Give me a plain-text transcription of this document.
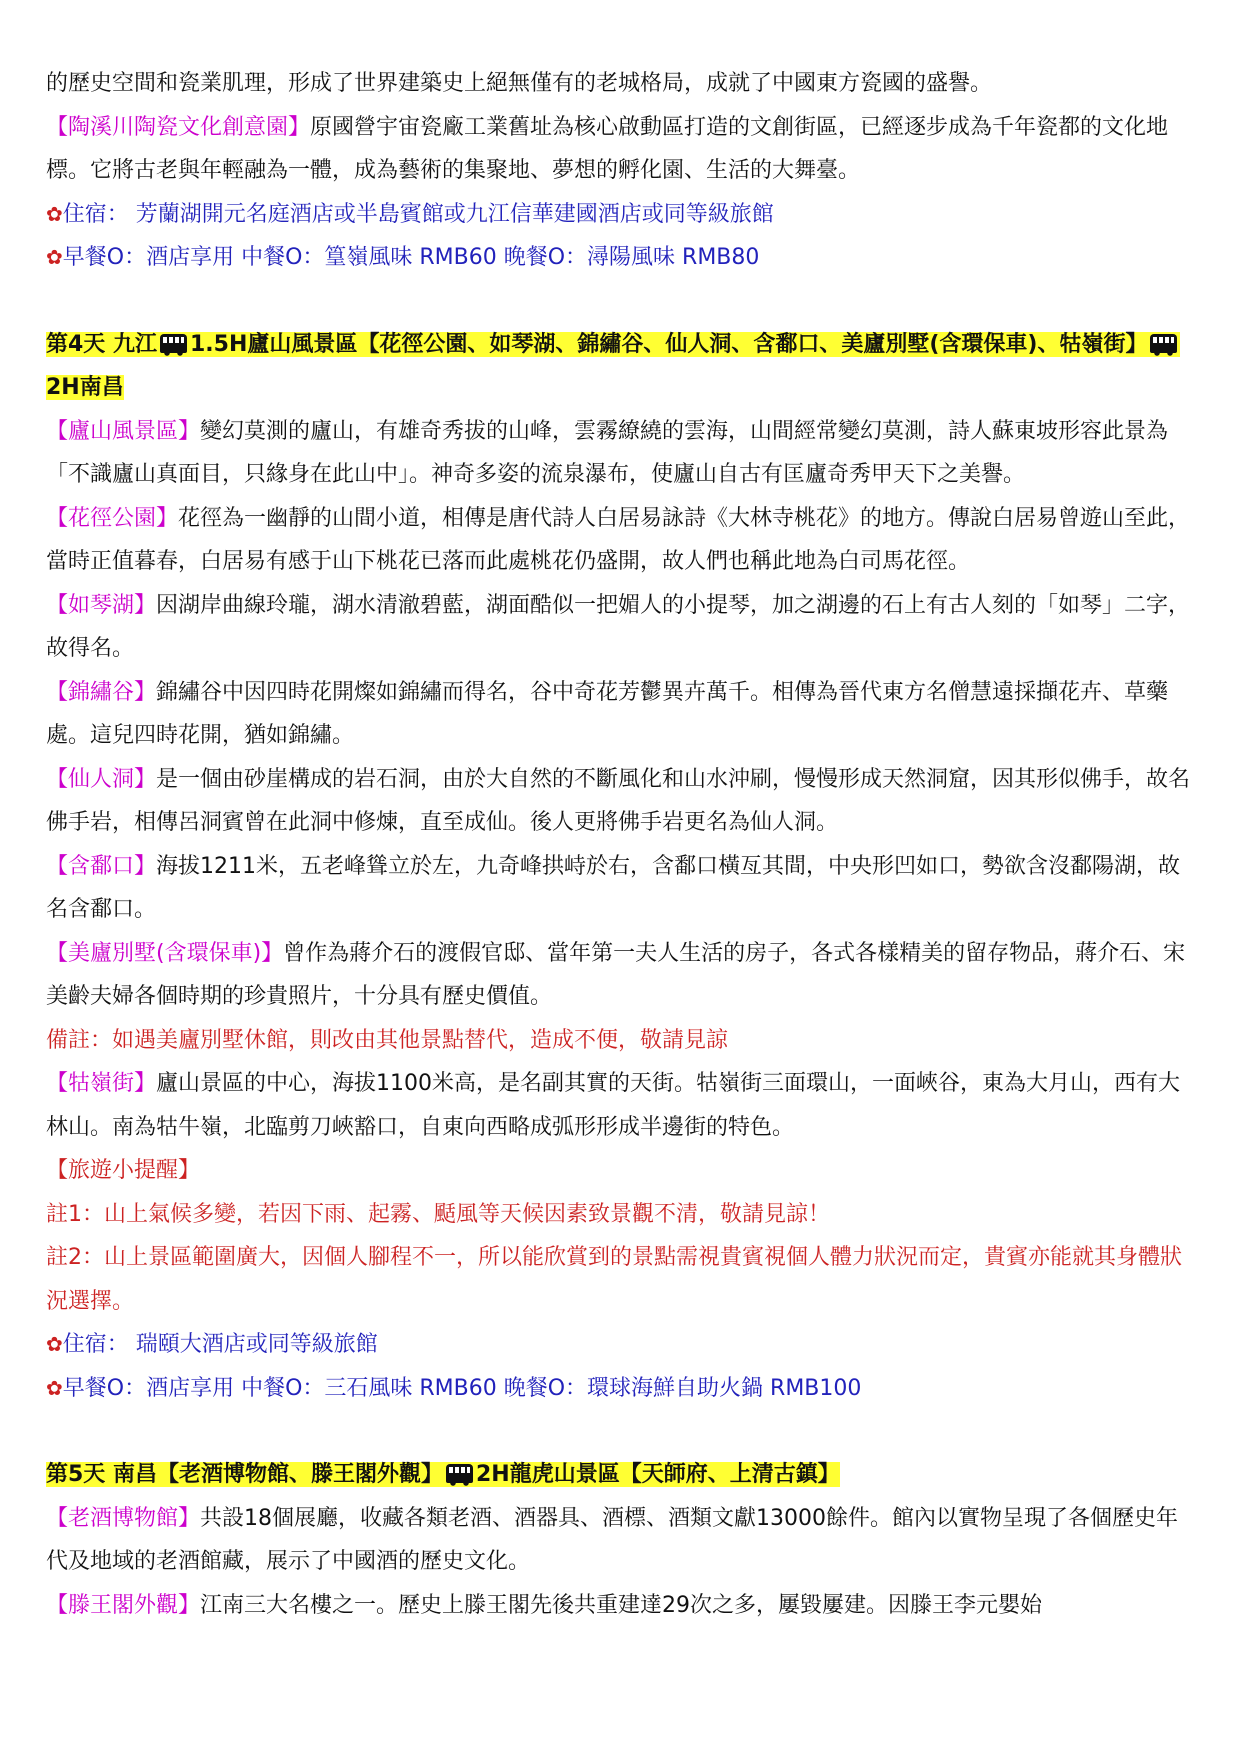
的歷史空間和瓷業肌理，形成了世界建築史上絕無僅有的老城格局，成就了中國東方瓷國的盛譽。

【陶溪川陶瓷文化創意園】原國營宇宙瓷廠工業舊址為核心啟動區打造的文創街區，已經逐步成為千年瓷都的文化地標。它將古老與年輕融為一體，成為藝術的集聚地、夢想的孵化園、生活的大舞臺。

✿住宿： 芳蘭湖開元名庭酒店或半島賓館或九江信華建國酒店或同等級旅館

✿早餐O：酒店享用 中餐O：篁嶺風味 RMB60 晚餐O：潯陽風味 RMB80

第4天 九江 1.5H廬山風景區【花徑公園、如琴湖、錦繡谷、仙人洞、含鄱口、美廬別墅(含環保車)、牯嶺街】2H南昌

【廬山風景區】變幻莫測的廬山，有雄奇秀拔的山峰，雲霧繚繞的雲海，山間經常變幻莫測，詩人蘇東坡形容此景為「不識廬山真面目，只緣身在此山中」。神奇多姿的流泉瀑布，使廬山自古有匡廬奇秀甲天下之美譽。

【花徑公園】花徑為一幽靜的山間小道，相傳是唐代詩人白居易詠詩《大林寺桃花》的地方。傳說白居易曾遊山至此，當時正值暮春，白居易有感于山下桃花已落而此處桃花仍盛開，故人們也稱此地為白司馬花徑。

【如琴湖】因湖岸曲線玲瓏，湖水清澈碧藍，湖面酷似一把媚人的小提琴，加之湖邊的石上有古人刻的「如琴」二字，故得名。

【錦繡谷】錦繡谷中因四時花開燦如錦繡而得名，谷中奇花芳鬱異卉萬千。相傳為晉代東方名僧慧遠採擷花卉、草藥處。這兒四時花開，猶如錦繡。

【仙人洞】是一個由砂崖構成的岩石洞，由於大自然的不斷風化和山水沖刷，慢慢形成天然洞窟，因其形似佛手，故名佛手岩，相傳呂洞賓曾在此洞中修煉，直至成仙。後人更將佛手岩更名為仙人洞。

【含鄱口】海拔1211米，五老峰聳立於左，九奇峰拱峙於右，含鄱口橫亙其間，中央形凹如口，勢欲含沒鄱陽湖，故名含鄱口。

【美廬別墅(含環保車)】曾作為蔣介石的渡假官邸、當年第一夫人生活的房子，各式各樣精美的留存物品，蔣介石、宋美齡夫婦各個時期的珍貴照片，十分具有歷史價值。

備註：如遇美廬別墅休館，則改由其他景點替代，造成不便，敬請見諒

【牯嶺街】廬山景區的中心，海拔1100米高，是名副其實的天街。牯嶺街三面環山，一面峽谷，東為大月山，西有大林山。南為牯牛嶺，北臨剪刀峽豁口，自東向西略成弧形形成半邊街的特色。

【旅遊小提醒】

註1：山上氣候多變，若因下雨、起霧、颳風等天候因素致景觀不清，敬請見諒！

註2：山上景區範圍廣大，因個人腳程不一，所以能欣賞到的景點需視貴賓視個人體力狀況而定，貴賓亦能就其身體狀況選擇。

✿住宿： 瑞頤大酒店或同等級旅館

✿早餐O：酒店享用 中餐O：三石風味 RMB60 晚餐O：環球海鮮自助火鍋 RMB100

第5天 南昌【老酒博物館、滕王閣外觀】 2H龍虎山景區【天師府、上清古鎮】

【老酒博物館】共設18個展廳，收藏各類老酒、酒器具、酒標、酒類文獻13000餘件。館內以實物呈現了各個歷史年代及地域的老酒館藏，展示了中國酒的歷史文化。

【滕王閣外觀】江南三大名樓之一。歷史上滕王閣先後共重建達29次之多，屢毀屢建。因滕王李元嬰始
